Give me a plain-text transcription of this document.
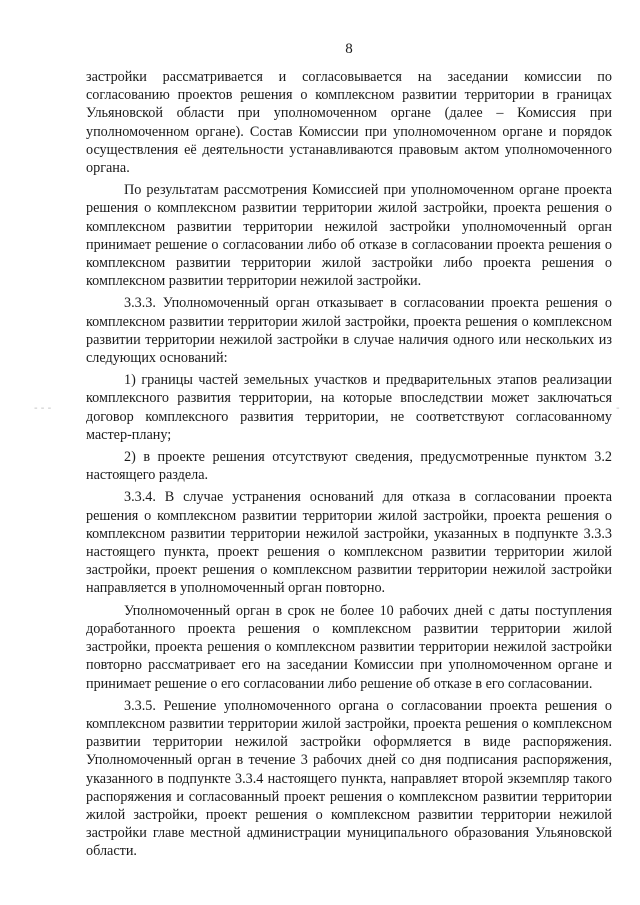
- - -	-
8

застройки рассматривается и согласовывается на заседании комиссии по согласованию проектов решения о комплексном развитии территории в границах Ульяновской области при уполномоченном органе (далее – Комиссия при уполномоченном органе). Состав Комиссии при уполномоченном органе и порядок осуществления её деятельности устанавливаются правовым актом уполномоченного органа.

По результатам рассмотрения Комиссией при уполномоченном органе проекта решения о комплексном развитии территории жилой застройки, проекта решения о комплексном развитии территории нежилой застройки уполномоченный орган принимает решение о согласовании либо об отказе в согласовании проекта решения о комплексном развитии территории жилой застройки либо проекта решения о комплексном развитии территории нежилой застройки.

3.3.3. Уполномоченный орган отказывает в согласовании проекта решения о комплексном развитии территории жилой застройки, проекта решения о комплексном развитии территории нежилой застройки в случае наличия одного или нескольких из следующих оснований:

1) границы частей земельных участков и предварительных этапов реализации комплексного развития территории, на которые впоследствии может заключаться договор комплексного развития территории, не соответствуют согласованному мастер-плану;

2) в проекте решения отсутствуют сведения, предусмотренные пунктом 3.2 настоящего раздела.

3.3.4. В случае устранения оснований для отказа в согласовании проекта решения о комплексном развитии территории жилой застройки, проекта решения о комплексном развитии территории нежилой застройки, указанных в подпункте 3.3.3 настоящего пункта, проект решения о комплексном развитии территории жилой застройки, проект решения о комплексном развитии территории нежилой застройки направляется в уполномоченный орган повторно.

Уполномоченный орган в срок не более 10 рабочих дней с даты поступления доработанного проекта решения о комплексном развитии территории жилой застройки, проекта решения о комплексном развитии территории нежилой застройки повторно рассматривает его на заседании Комиссии при уполномоченном органе и принимает решение о его согласовании либо решение об отказе в его согласовании.

3.3.5. Решение уполномоченного органа о согласовании проекта решения о комплексном развитии территории жилой застройки, проекта решения о комплексном развитии территории нежилой застройки оформляется в виде распоряжения. Уполномоченный орган в течение 3 рабочих дней со дня подписания распоряжения, указанного в подпункте 3.3.4 настоящего пункта, направляет второй экземпляр такого распоряжения и согласованный проект решения о комплексном развитии территории жилой застройки, проект решения о комплексном развитии территории нежилой застройки главе местной администрации муниципального образования Ульяновской области.
